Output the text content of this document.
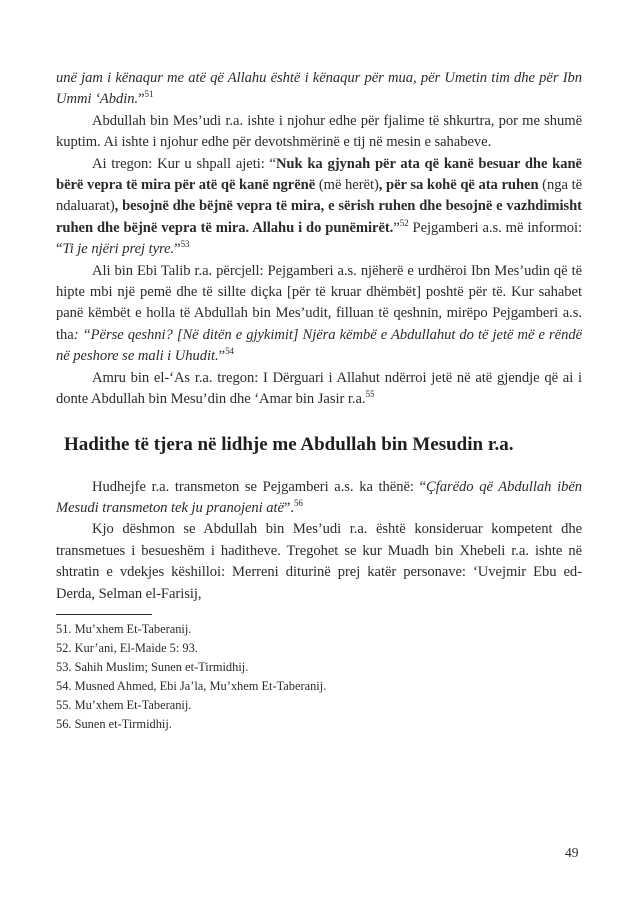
unë jam i kënaqur me atë që Allahu është i kënaqur për mua, për Umetin tim dhe për Ibn Ummi ‘Abdin.”$^{51}$

Abdullah bin Mes’udi r.a. ishte i njohur edhe për fjalime të shkurtra, por me shumë kuptim. Ai ishte i njohur edhe për devotshmërinë e tij në mesin e sahabeve.

Ai tregon: Kur u shpall ajeti: “Nuk ka gjynah për ata që kanë besuar dhe kanë bërë vepra të mira për atë që kanë ngrënë (më herët), për sa kohë që ata ruhen (nga të ndaluarat), besojnë dhe bëjnë vepra të mira, e sërish ruhen dhe besojnë e vazhdimisht ruhen dhe bëjnë vepra të mira. Allahu i do punëmirët.”$^{52}$ Pejgamberi a.s. më informoi: “Ti je njëri prej tyre.”$^{53}$

Ali bin Ebi Talib r.a. përcjell: Pejgamberi a.s. njëherë e urdhëroi Ibn Mes’udin që të hipte mbi një pemë dhe të sillte diçka [për të kruar dhëmbët] poshtë për të. Kur sahabet panë këmbët e holla të Abdullah bin Mes’udit, filluan të qeshnin, mirëpo Pejgamberi a.s. tha: “Përse qeshni? [Në ditën e gjykimit] Njëra këmbë e Abdullahut do të jetë më e rëndë në peshore se mali i Uhudit.”$^{54}$

Amru bin el-‘As r.a. tregon: I Dërguari i Allahut ndërroi jetë në atë gjendje që ai i donte Abdullah bin Mesu’din dhe ‘Amar bin Jasir r.a.$^{55}$

Hadithe të tjera në lidhje me Abdullah bin Mesudin r.a.

Hudhejfe r.a. transmeton se Pejgamberi a.s. ka thënë: “Çfarëdo që Abdullah ibën Mesudi transmeton tek ju pranojeni atë”.$^{56}$

Kjo dëshmon se Abdullah bin Mes’udi r.a. është konsideruar kompetent dhe transmetues i besueshëm i haditheve. Tregohet se kur Muadh bin Xhebeli r.a. ishte në shtratin e vdekjes këshilloi: Merreni diturinë prej katër personave: ‘Uvejmir Ebu ed-Derda, Selman el-Farisij,

51. Mu’xhem Et-Taberanij.
52. Kur’ani, El-Maide 5: 93.
53. Sahih Muslim; Sunen et-Tirmidhij.
54. Musned Ahmed, Ebi Ja’la, Mu’xhem Et-Taberanij.
55. Mu’xhem Et-Taberanij.
56. Sunen et-Tirmidhij.
49
